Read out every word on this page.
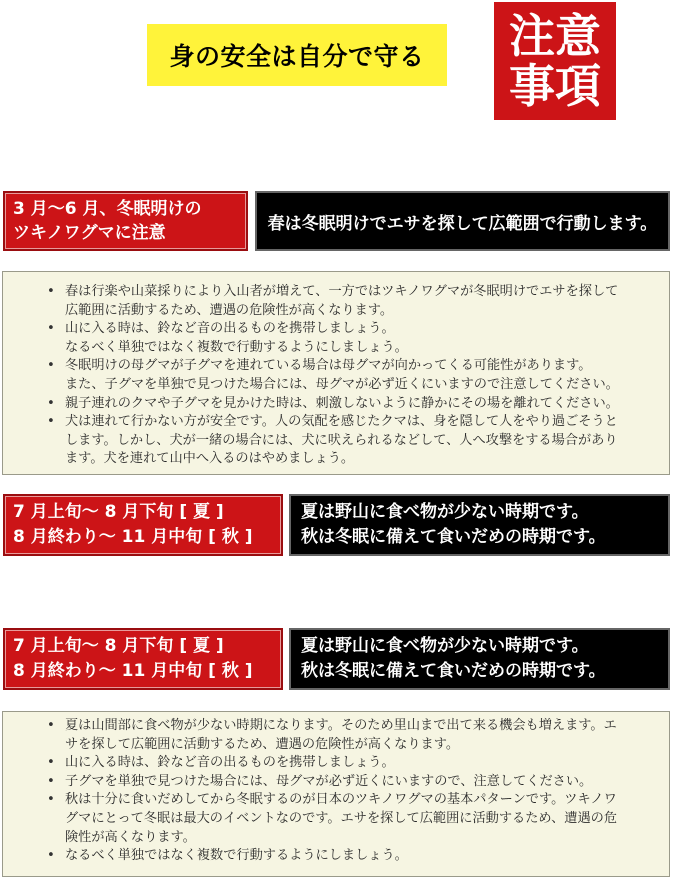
身の安全は自分で守る 注意
事項
3 月〜6 月、冬眠明けの
ツキノワグマに注意	春は冬眠明けでエサを探して広範囲で行動します。
• 春は行楽や山菜採りにより入山者が増えて、一方ではツキノワグマが冬眠明けでエサを探して
広範囲に活動するため、遭遇の危険性が高くなります。
• 山に入る時は、鈴など音の出るものを携帯しましょう。
なるべく単独ではなく複数で行動するようにしましょう。
• 冬眠明けの母グマが子グマを連れている場合は母グマが向かってくる可能性があります。
また、子グマを単独で見つけた場合には、母グマが必ず近くにいますので注意してください。
• 親子連れのクマや子グマを見かけた時は、刺激しないように静かにその場を離れてください。
• 犬は連れて行かない方が安全です。人の気配を感じたクマは、身を隠して人をやり過ごそうと
します。しかし、犬が一緒の場合には、犬に吠えられるなどして、人へ攻撃をする場合があり
ます。犬を連れて山中へ入るのはやめましょう。
7 月上旬〜 8 月下旬 [ 夏 ]
8 月終わり〜 11 月中旬 [ 秋 ]
夏は野山に食べ物が少ない時期です。
秋は冬眠に備えて食いだめの時期です。
7 月上旬〜 8 月下旬 [ 夏 ]
8 月終わり〜 11 月中旬 [ 秋 ]
夏は野山に食べ物が少ない時期です。
秋は冬眠に備えて食いだめの時期です。
• 夏は山間部に食べ物が少ない時期になります。そのため里山まで出て来る機会も増えます。エ
サを探して広範囲に活動するため、遭遇の危険性が高くなります。
• 山に入る時は、鈴など音の出るものを携帯しましょう。
• 子グマを単独で見つけた場合には、母グマが必ず近くにいますので、注意してください。
• 秋は十分に食いだめしてから冬眠するのが日本のツキノワグマの基本パターンです。ツキノワ
グマにとって冬眠は最大のイベントなのです。エサを探して広範囲に活動するため、遭遇の危
険性が高くなります。
• なるべく単独ではなく複数で行動するようにしましょう。
